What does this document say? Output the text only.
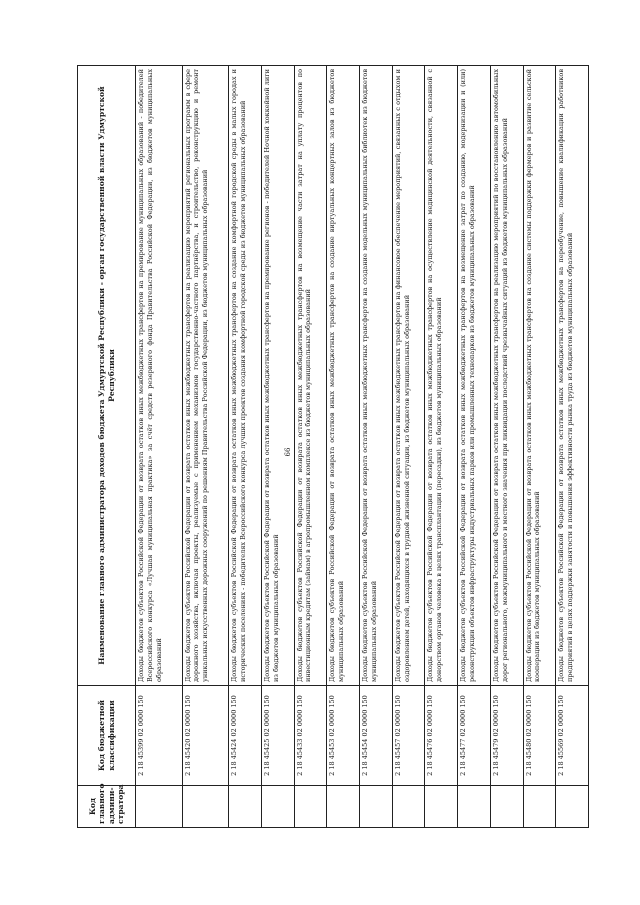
66
Код главного админи-стратора	Код бюджетной классификации	Наименование главного администратора доходов бюджета Удмуртской Республики - орган государственной власти Удмуртской Республики
	2 18 45399 02 0000 150	Доходы бюджетов субъектов Российской Федерации от возврата остатков иных межбюджетных трансфертов на премирование муниципальных образований - победителей Всероссийского конкурса «Лучшая муниципальная практика» за счёт средств резервного фонда Правительства Российской Федерации, из бюджетов муниципальных образований
	2 18 45420 02 0000 150	Доходы бюджетов субъектов Российской Федерации от возврата остатков иных межбюджетных трансфертов на реализацию мероприятий региональных программ в сфере дорожного хозяйства, включая проекты, реализуемые с применением механизмов государственно-частного партнёрства, и строительство, реконструкцию и ремонт уникальных искусственных дорожных сооружений по решениям Правительства Российской Федерации, из бюджетов муниципальных образований
	2 18 45424 02 0000 150	Доходы бюджетов субъектов Российской Федерации от возврата остатков иных межбюджетных трансфертов на создание комфортной городской среды в малых городах и исторических поселениях - победителях Всероссийского конкурса лучших проектов создания комфортной городской среды из бюджетов муниципальных образований
	2 18 45425 02 0000 150	Доходы бюджетов субъектов Российской Федерации от возврата остатков иных межбюджетных трансфертов на премирование регионов - победителей Ночной хоккейной лиги из бюджетов муниципальных образований
	2 18 45433 02 0000 150	Доходы бюджетов субъектов Российской Федерации от возврата остатков иных межбюджетных трансфертов на возмещение части затрат на уплату процентов по инвестиционным кредитам (займам) в агропромышленном комплексе из бюджетов муниципальных образований
	2 18 45453 02 0000 150	Доходы бюджетов субъектов Российской Федерации от возврата остатков иных межбюджетных трансфертов на создание виртуальных концертных залов из бюджетов муниципальных образований
	2 18 45454 02 0000 150	Доходы бюджетов субъектов Российской Федерации от возврата остатков иных межбюджетных трансфертов на создание модельных муниципальных библиотек из бюджетов муниципальных образований
	2 18 45457 02 0000 150	Доходы бюджетов субъектов Российской Федерации от возврата остатков иных межбюджетных трансфертов на финансовое обеспечение мероприятий, связанных с отдыхом и оздоровлением детей, находящихся в трудной жизненной ситуации, из бюджетов муниципальных образований
	2 18 45476 02 0000 150	Доходы бюджетов субъектов Российской Федерации от возврата остатков иных межбюджетных трансфертов на осуществление медицинской деятельности, связанной с донорством органов человека в целях трансплантации (пересадки), из бюджетов муниципальных образований
	2 18 45477 02 0000 150	Доходы бюджетов субъектов Российской Федерации от возврата остатков иных межбюджетных трансфертов на возмещение затрат по созданию, модернизации и (или) реконструкции объектов инфраструктуры индустриальных парков или промышленных технопарков из бюджетов муниципальных образований
	2 18 45479 02 0000 150	Доходы бюджетов субъектов Российской Федерации от возврата остатков иных межбюджетных трансфертов на реализацию мероприятий по восстановлению автомобильных дорог регионального, межмуниципального и местного значения при ликвидации последствий чрезвычайных ситуаций из бюджетов муниципальных образований
	2 18 45480 02 0000 150	Доходы бюджетов субъектов Российской Федерации от возврата остатков иных межбюджетных трансфертов на создание системы поддержки фермеров и развитие сельской кооперации из бюджетов муниципальных образований
	2 18 45569 02 0000 150	Доходы бюджетов субъектов Российской Федерации от возврата остатков иных межбюджетных трансфертов на переобучение, повышение квалификации работников предприятий в целях поддержки занятости и повышения эффективности рынка труда из бюджетов муниципальных образований
